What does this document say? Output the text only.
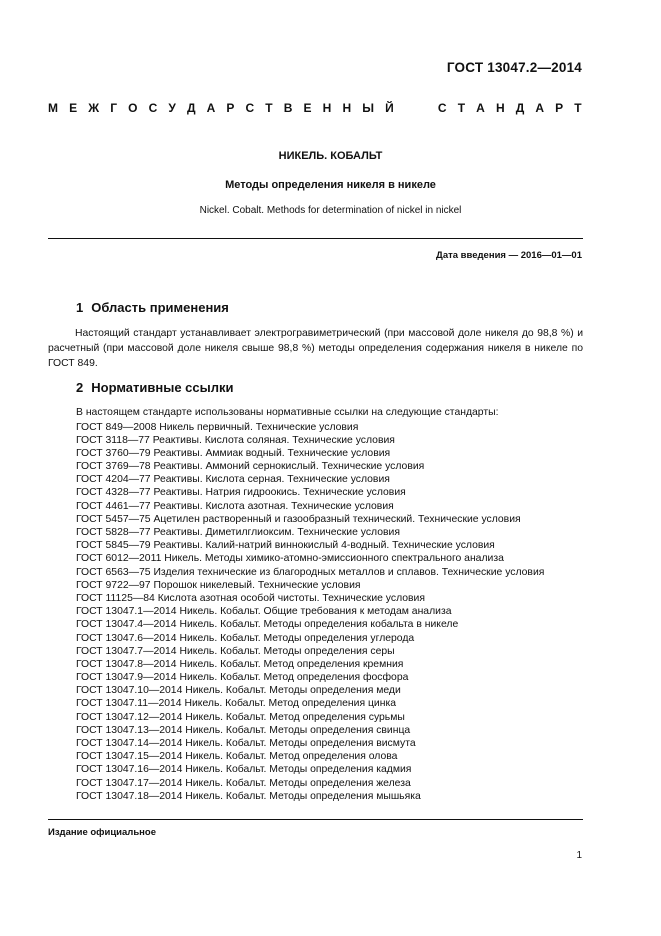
ГОСТ 13047.2—2014
М Е Ж Г О С У Д А Р С Т В Е Н Н Ы Й	С Т А Н Д А Р Т
НИКЕЛЬ. КОБАЛЬТ
Методы определения никеля в никеле
Nickel. Cobalt. Methods for determination of nickel in nickel
Дата введения — 2016—01—01
1 Область применения
Настоящий стандарт устанавливает электрогравиметрический (при массовой доле никеля до 98,8 %) и расчетный (при массовой доле никеля свыше 98,8 %) методы определения содержания никеля в никеле по ГОСТ 849.
2 Нормативные ссылки
В настоящем стандарте использованы нормативные ссылки на следующие стандарты:
ГОСТ 849—2008 Никель первичный. Технические условия
ГОСТ 3118—77 Реактивы. Кислота соляная. Технические условия
ГОСТ 3760—79 Реактивы. Аммиак водный. Технические условия
ГОСТ 3769—78 Реактивы. Аммоний сернокислый. Технические условия
ГОСТ 4204—77 Реактивы. Кислота серная. Технические условия
ГОСТ 4328—77 Реактивы. Натрия гидроокись. Технические условия
ГОСТ 4461—77 Реактивы. Кислота азотная. Технические условия
ГОСТ 5457—75 Ацетилен растворенный и газообразный технический. Технические условия
ГОСТ 5828—77 Реактивы. Диметилглиоксим. Технические условия
ГОСТ 5845—79 Реактивы. Калий-натрий виннокислый 4-водный. Технические условия
ГОСТ 6012—2011 Никель. Методы химико-атомно-эмиссионного спектрального анализа
ГОСТ 6563—75 Изделия технические из благородных металлов и сплавов. Технические условия
ГОСТ 9722—97 Порошок никелевый. Технические условия
ГОСТ 11125—84 Кислота азотная особой чистоты. Технические условия
ГОСТ 13047.1—2014 Никель. Кобальт. Общие требования к методам анализа
ГОСТ 13047.4—2014 Никель. Кобальт. Методы определения кобальта в никеле
ГОСТ 13047.6—2014 Никель. Кобальт. Методы определения углерода
ГОСТ 13047.7—2014 Никель. Кобальт. Методы определения серы
ГОСТ 13047.8—2014 Никель. Кобальт. Метод определения кремния
ГОСТ 13047.9—2014 Никель. Кобальт. Метод определения фосфора
ГОСТ 13047.10—2014 Никель. Кобальт. Методы определения меди
ГОСТ 13047.11—2014 Никель. Кобальт. Метод определения цинка
ГОСТ 13047.12—2014 Никель. Кобальт. Метод определения сурьмы
ГОСТ 13047.13—2014 Никель. Кобальт. Методы определения свинца
ГОСТ 13047.14—2014 Никель. Кобальт. Методы определения висмута
ГОСТ 13047.15—2014 Никель. Кобальт. Метод определения олова
ГОСТ 13047.16—2014 Никель. Кобальт. Методы определения кадмия
ГОСТ 13047.17—2014 Никель. Кобальт. Методы определения железа
ГОСТ 13047.18—2014 Никель. Кобальт. Методы определения мышьяка
Издание официальное
1
